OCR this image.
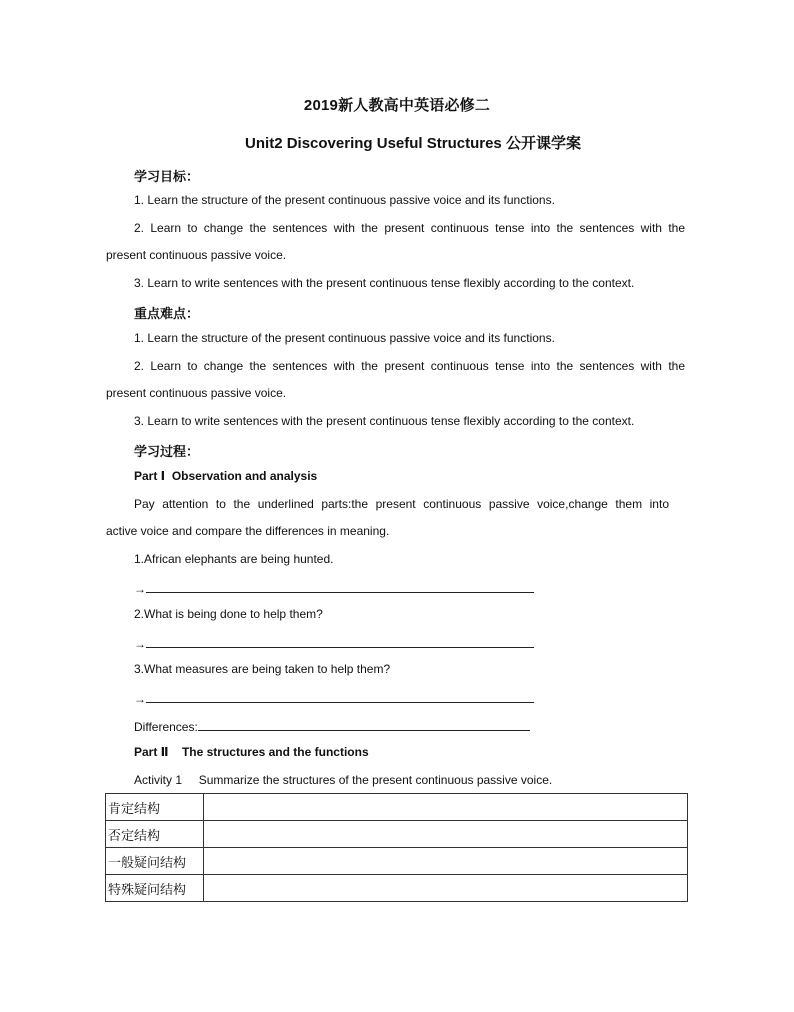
2019新人教高中英语必修二
Unit2 Discovering Useful Structures 公开课学案
学习目标：
1. Learn the structure of the present continuous passive voice and its functions.
2. Learn to change the sentences with the present continuous tense into the sentences with the
present continuous passive voice.
3. Learn to write sentences with the present continuous tense flexibly according to the context.
重点难点：
1. Learn the structure of the present continuous passive voice and its functions.
2. Learn to change the sentences with the present continuous tense into the sentences with the
present continuous passive voice.
3. Learn to write sentences with the present continuous tense flexibly according to the context.
学习过程：
Part Ⅰ Observation and analysis
Pay attention to the underlined parts:the present continuous passive voice,change them into
active voice and compare the differences in meaning.
1.African elephants are being hunted.
→
2.What is being done to help them?
→
3.What measures are being taken to help them?
→
Differences:
Part Ⅱ The structures and the functions
Activity 1 Summarize the structures of the present continuous passive voice.
肯定结构	
否定结构	
一般疑问结构	
特殊疑问结构	
